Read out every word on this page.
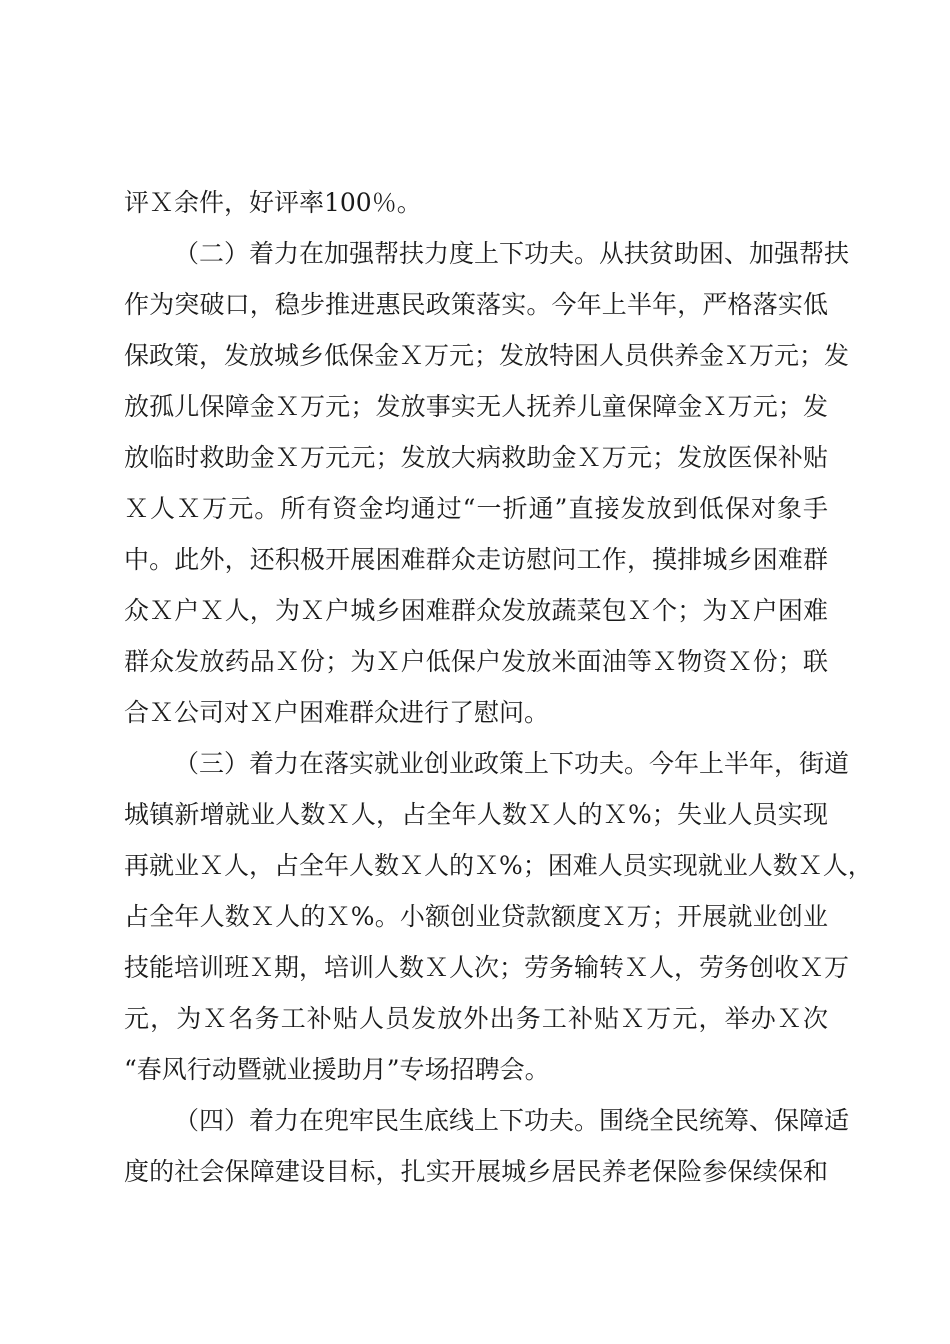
评Ｘ余件，好评率100％。
（二）着力在加强帮扶力度上下功夫。从扶贫助困、加强帮扶
作为突破口，稳步推进惠民政策落实。今年上半年，严格落实低
保政策，发放城乡低保金Ｘ万元；发放特困人员供养金Ｘ万元；发
放孤儿保障金Ｘ万元；发放事实无人抚养儿童保障金Ｘ万元；发
放临时救助金Ｘ万元元；发放大病救助金Ｘ万元；发放医保补贴
Ｘ人Ｘ万元。所有资金均通过“一折通”直接发放到低保对象手
中。此外，还积极开展困难群众走访慰问工作，摸排城乡困难群
众Ｘ户Ｘ人，为Ｘ户城乡困难群众发放蔬菜包Ｘ个；为Ｘ户困难
群众发放药品Ｘ份；为Ｘ户低保户发放米面油等Ｘ物资Ｘ份；联
合Ｘ公司对Ｘ户困难群众进行了慰问。
（三）着力在落实就业创业政策上下功夫。今年上半年，街道
城镇新增就业人数Ｘ人，占全年人数Ｘ人的Ｘ%；失业人员实现
再就业Ｘ人，占全年人数Ｘ人的Ｘ%；困难人员实现就业人数Ｘ人，
占全年人数Ｘ人的Ｘ%。小额创业贷款额度Ｘ万；开展就业创业
技能培训班Ｘ期，培训人数Ｘ人次；劳务输转Ｘ人，劳务创收Ｘ万
元，为Ｘ名务工补贴人员发放外出务工补贴Ｘ万元，举办Ｘ次
“春风行动暨就业援助月”专场招聘会。
（四）着力在兜牢民生底线上下功夫。围绕全民统筹、保障适
度的社会保障建设目标，扎实开展城乡居民养老保险参保续保和
